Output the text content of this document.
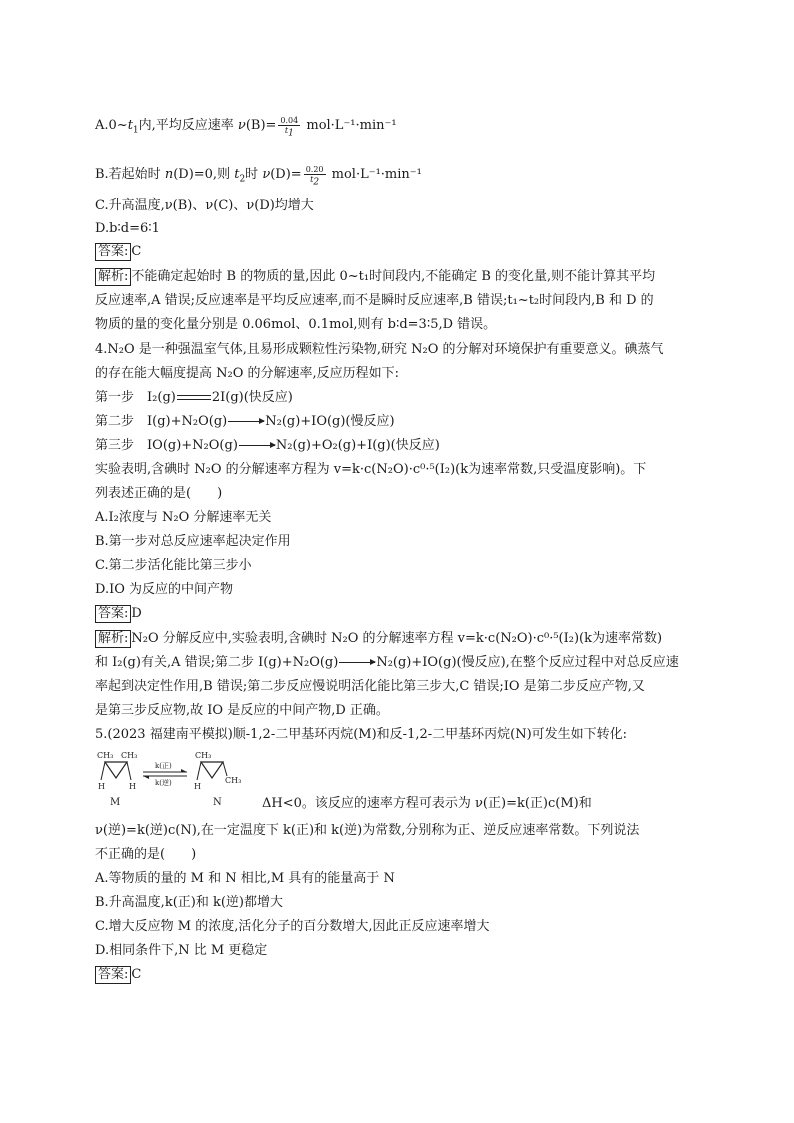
$A.0\sim t_1$内,平均反应速率 $\nu(B)= \frac{0.04}{t_1} mol\cdot L^{-1}\cdot\min^{-1}$
B.若起始时 n(D)=0,则 $t_2$时 $\nu(D)= \frac{0.20}{t_2} mol\cdot L^{-1}\cdot\min^{-1}$
C.升高温度,ν(B)、ν(C)、ν(D)均增大
D.b∶d=6∶1
答案: C
解析: 不能确定起始时 B 的物质的量,因此 0~t₁时间段内,不能确定 B 的变化量,则不能计算其平均
反应速率,A 错误;反应速率是平均反应速率,而不是瞬时反应速率,B 错误;t₁~t₂时间段内,B 和 D 的
物质的量的变化量分别是 0.06mol、0.1mol,则有 b∶d=3∶5,D 错误。
4.N₂O 是一种强温室气体,且易形成颗粒性污染物,研究 N₂O 的分解对环境保护有重要意义。碘蒸气
的存在能大幅度提高 N₂O 的分解速率,反应历程如下:
第一步　 I₂(g)	2I(g)(快反应)
第二步　 I(g)+N₂O(g)	N₂(g)+IO(g)(慢反应)
第三步　 IO(g)+N₂O(g)	N₂(g)+O₂(g)+I(g)(快反应)
实验表明,含碘时 N₂O 的分解速率方程为 v=k·c(N₂O)·c⁰·⁵(I₂)(k为速率常数,只受温度影响)。下
列表述正确的是(　　)
A.I₂浓度与 N₂O 分解速率无关
B.第一步对总反应速率起决定作用
C.第二步活化能比第三步小
D.IO 为反应的中间产物
答案: D
解析: N₂O 分解反应中,实验表明,含碘时 N₂O 的分解速率方程 v=k·c(N₂O)·c⁰·⁵(I₂)(k为速率常数)
和 I₂(g)有关,A 错误;第二步 I(g)+N₂O(g)	N₂(g)+IO(g)(慢反应),在整个反应过程中对总反应速
率起到决定性作用,B 错误;第二步反应慢说明活化能比第三步大,C 错误;IO 是第二步反应产物,又
是第三步反应物,故 IO 是反应的中间产物,D 正确。
5.(2023 福建南平模拟)顺-1,2-二甲基环丙烷(M)和反-1,2-二甲基环丙烷(N)可发生如下转化:
CH₃ CH₃
H	H
M
k(正)
k(逆)
CH₃
H
CH₃
N	ΔH<0。该反应的速率方程可表示为 ν(正)=k(正)c(M)和
ν(逆)=k(逆)c(N),在一定温度下 k(正)和 k(逆)为常数,分别称为正、逆反应速率常数。下列说法
不正确的是(　　)
A.等物质的量的 M 和 N 相比,M 具有的能量高于 N
B.升高温度,k(正)和 k(逆)都增大
C.增大反应物 M 的浓度,活化分子的百分数增大,因此正反应速率增大
D.相同条件下,N 比 M 更稳定
答案: C
